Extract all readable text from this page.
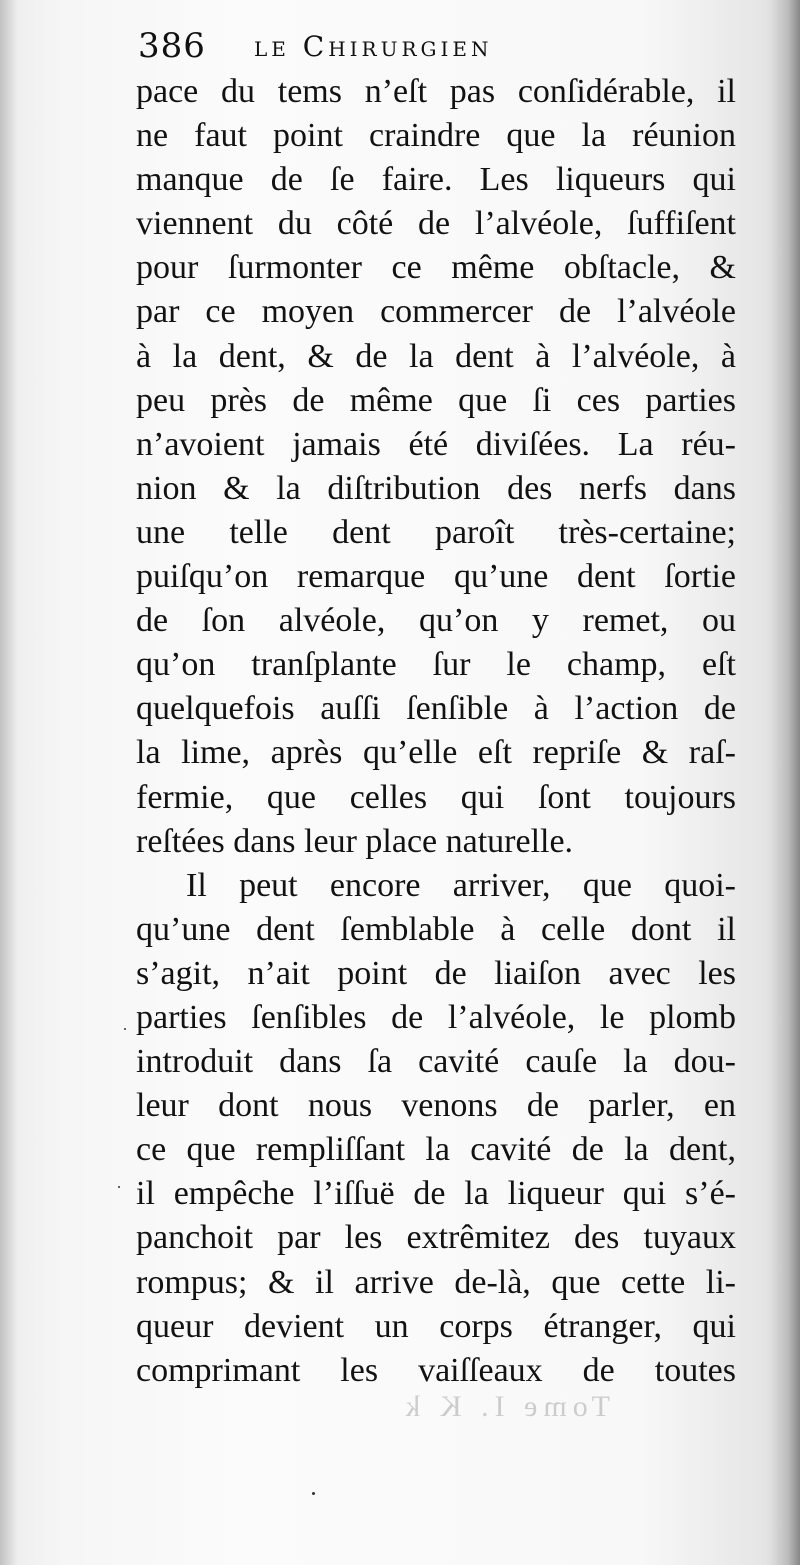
386 le Chirurgien
pace du tems n’eſt pas conſidérable, il
ne faut point craindre que la réunion
manque de ſe faire. Les liqueurs qui
viennent du côté de l’alvéole, ſuffiſent
pour ſurmonter ce même obſtacle, &
par ce moyen commercer de l’alvéole
à la dent, & de la dent à l’alvéole, à
peu près de même que ſi ces parties
n’avoient jamais été diviſées. La réu-
nion & la diſtribution des nerfs dans
une telle dent paroît très-certaine;
puiſqu’on remarque qu’une dent ſortie
de ſon alvéole, qu’on y remet, ou
qu’on tranſplante ſur le champ, eſt
quelquefois auſſi ſenſible à l’action de
la lime, après qu’elle eſt repriſe & raſ-
fermie, que celles qui ſont toujours
reſtées dans leur place naturelle.
Il peut encore arriver, que quoi-
qu’une dent ſemblable à celle dont il
s’agit, n’ait point de liaiſon avec les
parties ſenſibles de l’alvéole, le plomb
introduit dans ſa cavité cauſe la dou-
leur dont nous venons de parler, en
ce que rempliſſant la cavité de la dent,
il empêche l’iſſuë de la liqueur qui s’é-
panchoit par les extrêmitez des tuyaux
rompus; & il arrive de-là, que cette li-
queur devient un corps étranger, qui
comprimant les vaiſſeaux de toutes
Tome I. K k
